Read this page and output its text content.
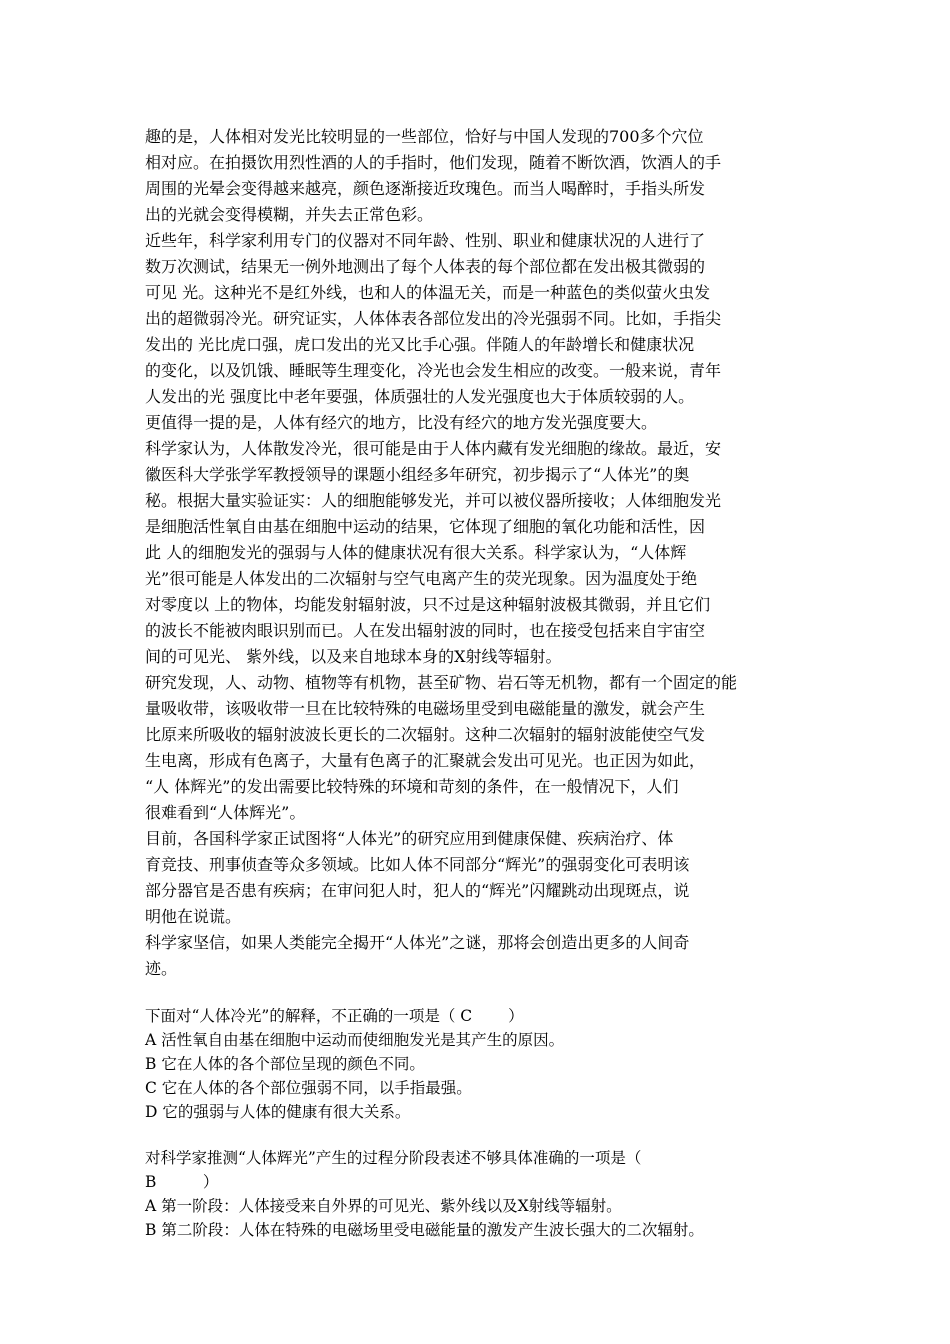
趣的是，人体相对发光比较明显的一些部位，恰好与中国人发现的700多个穴位
相对应。在拍摄饮用烈性酒的人的手指时，他们发现，随着不断饮酒，饮酒人的手
周围的光晕会变得越来越亮，颜色逐渐接近玫瑰色。而当人喝醉时，手指头所发
出的光就会变得模糊，并失去正常色彩。
近些年，科学家利用专门的仪器对不同年龄、性别、职业和健康状况的人进行了
数万次测试，结果无一例外地测出了每个人体表的每个部位都在发出极其微弱的
可见 光。这种光不是红外线，也和人的体温无关，而是一种蓝色的类似萤火虫发
出的超微弱冷光。研究证实，人体体表各部位发出的冷光强弱不同。比如，手指尖
发出的 光比虎口强，虎口发出的光又比手心强。伴随人的年龄增长和健康状况
的变化，以及饥饿、睡眠等生理变化，冷光也会发生相应的改变。一般来说，青年
人发出的光 强度比中老年要强，体质强壮的人发光强度也大于体质较弱的人。
更值得一提的是，人体有经穴的地方，比没有经穴的地方发光强度要大。
科学家认为，人体散发冷光，很可能是由于人体内藏有发光细胞的缘故。最近，安
徽医科大学张学军教授领导的课题小组经多年研究，初步揭示了“人体光”的奥
秘。根据大量实验证实：人的细胞能够发光，并可以被仪器所接收；人体细胞发光
是细胞活性氧自由基在细胞中运动的结果，它体现了细胞的氧化功能和活性，因
此 人的细胞发光的强弱与人体的健康状况有很大关系。科学家认为，“人体辉
光”很可能是人体发出的二次辐射与空气电离产生的荧光现象。因为温度处于绝
对零度以 上的物体，均能发射辐射波，只不过是这种辐射波极其微弱，并且它们
的波长不能被肉眼识别而已。人在发出辐射波的同时，也在接受包括来自宇宙空
间的可见光、 紫外线，以及来自地球本身的X射线等辐射。
研究发现，人、动物、植物等有机物，甚至矿物、岩石等无机物，都有一个固定的能
量吸收带，该吸收带一旦在比较特殊的电磁场里受到电磁能量的激发，就会产生
比原来所吸收的辐射波波长更长的二次辐射。这种二次辐射的辐射波能使空气发
生电离，形成有色离子，大量有色离子的汇聚就会发出可见光。也正因为如此，
“人 体辉光”的发出需要比较特殊的环境和苛刻的条件，在一般情况下，人们
很难看到“人体辉光”。
目前，各国科学家正试图将“人体光”的研究应用到健康保健、疾病治疗、体
育竞技、刑事侦查等众多领域。比如人体不同部分“辉光”的强弱变化可表明该
部分器官是否患有疾病；在审问犯人时，犯人的“辉光”闪耀跳动出现斑点，说
明他在说谎。
科学家坚信，如果人类能完全揭开“人体光”之谜，那将会创造出更多的人间奇
迹。
下面对“人体冷光”的解释，不正确的一项是（ C　　 ）
A 活性氧自由基在细胞中运动而使细胞发光是其产生的原因。
B 它在人体的各个部位呈现的颜色不同。
C 它在人体的各个部位强弱不同，以手指最强。
D 它的强弱与人体的健康有很大关系。
对科学家推测“人体辉光”产生的过程分阶段表述不够具体准确的一项是（
B　　　）
A 第一阶段：人体接受来自外界的可见光、紫外线以及X射线等辐射。
B 第二阶段：人体在特殊的电磁场里受电磁能量的激发产生波长强大的二次辐射。
